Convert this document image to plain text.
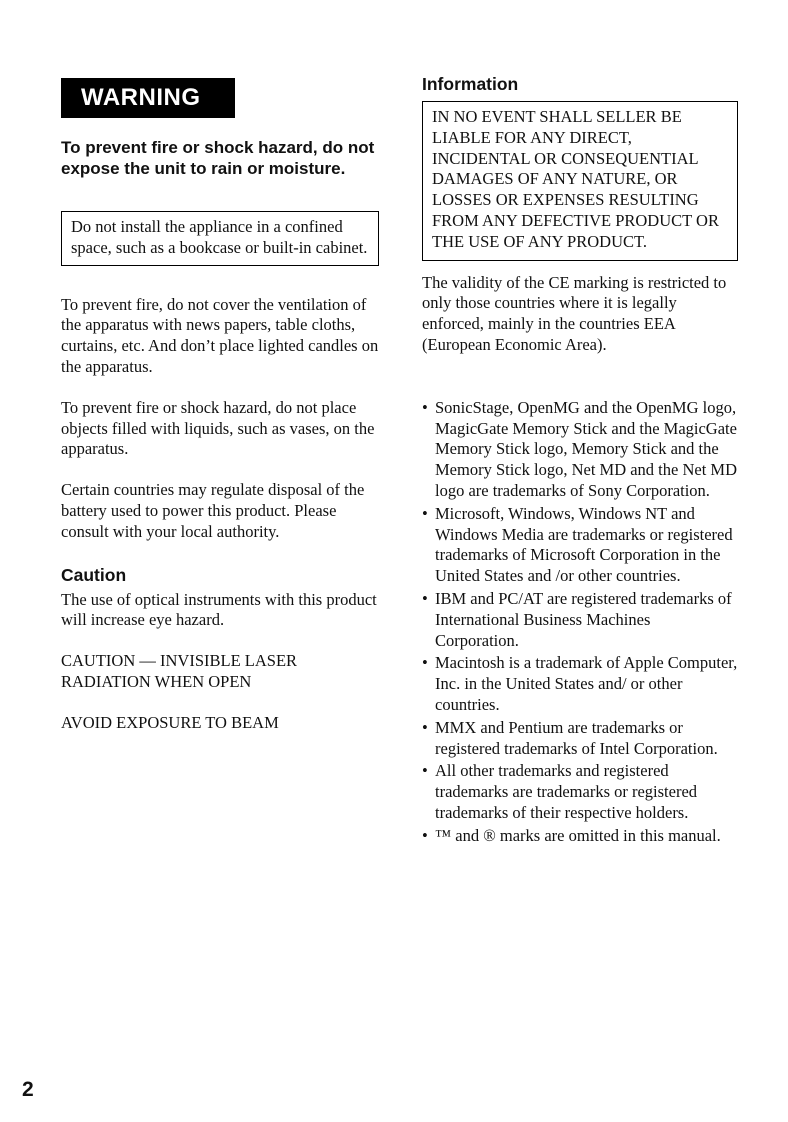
WARNING

To prevent fire or shock hazard, do not expose the unit to rain or moisture.

Do not install the appliance in a confined space, such as a bookcase or built-in cabinet.

To prevent fire, do not cover the ventilation of the apparatus with news papers, table cloths, curtains, etc. And don’t place lighted candles on the apparatus.

To prevent fire or shock hazard, do not place objects filled with liquids, such as vases, on the apparatus.

Certain countries may regulate disposal of the battery used to power this product. Please consult with your local authority.

Caution

The use of optical instruments with this product will increase eye hazard.

CAUTION — INVISIBLE LASER RADIATION WHEN OPEN

AVOID EXPOSURE TO BEAM

Information
IN NO EVENT SHALL SELLER BE LIABLE FOR ANY DIRECT, INCIDENTAL OR CONSEQUENTIAL DAMAGES OF ANY NATURE, OR LOSSES OR EXPENSES RESULTING FROM ANY DEFECTIVE PRODUCT OR THE USE OF ANY PRODUCT.

The validity of the CE marking is restricted to only those countries where it is legally enforced, mainly in the countries EEA (European Economic Area).

• SonicStage, OpenMG and the OpenMG logo, MagicGate Memory Stick and the MagicGate Memory Stick logo, Memory Stick and the Memory Stick logo, Net MD and the Net MD logo are trademarks of Sony Corporation.
• Microsoft, Windows, Windows NT and Windows Media are trademarks or registered trademarks of Microsoft Corporation in the United States and /or other countries.
• IBM and PC/AT are registered trademarks of International Business Machines Corporation.
• Macintosh is a trademark of Apple Computer, Inc. in the United States and/ or other countries.
• MMX and Pentium are trademarks or registered trademarks of Intel Corporation.
• All other trademarks and registered trademarks are trademarks or registered trademarks of their respective holders.
• ™ and ® marks are omitted in this manual.
2
